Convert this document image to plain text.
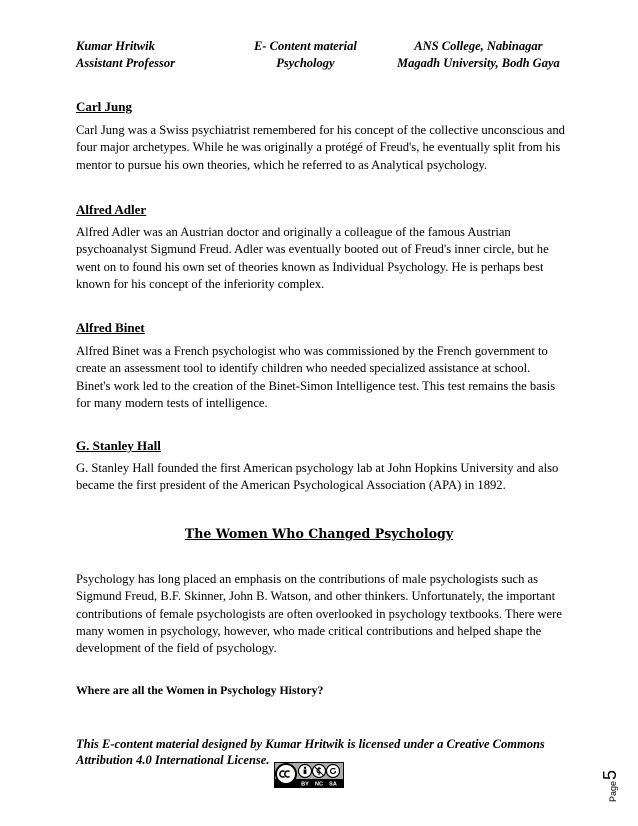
Kumar Hritwik
Assistant Professor
E- Content material
Psychology
ANS College, Nabinagar
Magadh University, Bodh Gaya
Carl Jung
Carl Jung was a Swiss psychiatrist remembered for his concept of the collective unconscious and
four major archetypes. While he was originally a protégé of Freud's, he eventually split from his
mentor to pursue his own theories, which he referred to as Analytical psychology.
Alfred Adler
Alfred Adler was an Austrian doctor and originally a colleague of the famous Austrian
psychoanalyst Sigmund Freud. Adler was eventually booted out of Freud's inner circle, but he
went on to found his own set of theories known as Individual Psychology. He is perhaps best
known for his concept of the inferiority complex.
Alfred Binet
Alfred Binet was a French psychologist who was commissioned by the French government to
create an assessment tool to identify children who needed specialized assistance at school.
Binet's work led to the creation of the Binet-Simon Intelligence test. This test remains the basis
for many modern tests of intelligence.
G. Stanley Hall
G. Stanley Hall founded the first American psychology lab at John Hopkins University and also
became the first president of the American Psychological Association (APA) in 1892.
The Women Who Changed Psychology
Psychology has long placed an emphasis on the contributions of male psychologists such as
Sigmund Freud, B.F. Skinner, John B. Watson, and other thinkers. Unfortunately, the important
contributions of female psychologists are often overlooked in psychology textbooks. There were
many women in psychology, however, who made critical contributions and helped shape the
development of the field of psychology.
Where are all the Women in Psychology History?
This E-content material designed by Kumar Hritwik is licensed under a Creative Commons
Attribution 4.0 International License.
BY NC SA	Page5
